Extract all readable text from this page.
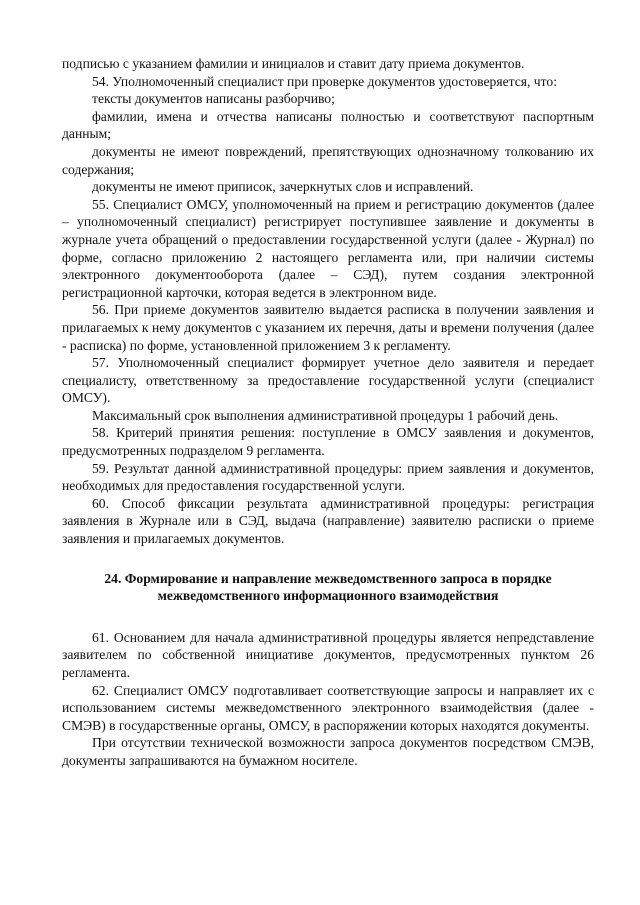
подписью с указанием фамилии и инициалов и ставит дату приема документов.

54. Уполномоченный специалист при проверке документов удостоверяется, что:

тексты документов написаны разборчиво;

фамилии, имена и отчества написаны полностью и соответствуют паспортным данным;

документы не имеют повреждений, препятствующих однозначному толкованию их содержания;

документы не имеют приписок, зачеркнутых слов и исправлений.

55. Специалист ОМСУ, уполномоченный на прием и регистрацию документов (далее – уполномоченный специалист) регистрирует поступившее заявление и документы в журнале учета обращений о предоставлении государственной услуги (далее - Журнал) по форме, согласно приложению 2 настоящего регламента или, при наличии системы электронного документооборота (далее – СЭД), путем создания электронной регистрационной карточки, которая ведется в электронном виде.

56. При приеме документов заявителю выдается расписка в получении заявления и прилагаемых к нему документов с указанием их перечня, даты и времени получения (далее - расписка) по форме, установленной приложением 3 к регламенту.

57. Уполномоченный специалист формирует учетное дело заявителя и передает специалисту, ответственному за предоставление государственной услуги (специалист ОМСУ).

Максимальный срок выполнения административной процедуры 1 рабочий день.

58. Критерий принятия решения: поступление в ОМСУ заявления и документов, предусмотренных подразделом 9 регламента.

59. Результат данной административной процедуры: прием заявления и документов, необходимых для предоставления государственной услуги.

60. Способ фиксации результата административной процедуры: регистрация заявления в Журнале или в СЭД, выдача (направление) заявителю расписки о приеме заявления и прилагаемых документов.

24. Формирование и направление межведомственного запроса в порядке межведомственного информационного взаимодействия

61. Основанием для начала административной процедуры является непредставление заявителем по собственной инициативе документов, предусмотренных пунктом 26 регламента.

62. Специалист ОМСУ подготавливает соответствующие запросы и направляет их с использованием системы межведомственного электронного взаимодействия (далее - СМЭВ) в государственные органы, ОМСУ, в распоряжении которых находятся документы.

При отсутствии технической возможности запроса документов посредством СМЭВ, документы запрашиваются на бумажном носителе.
